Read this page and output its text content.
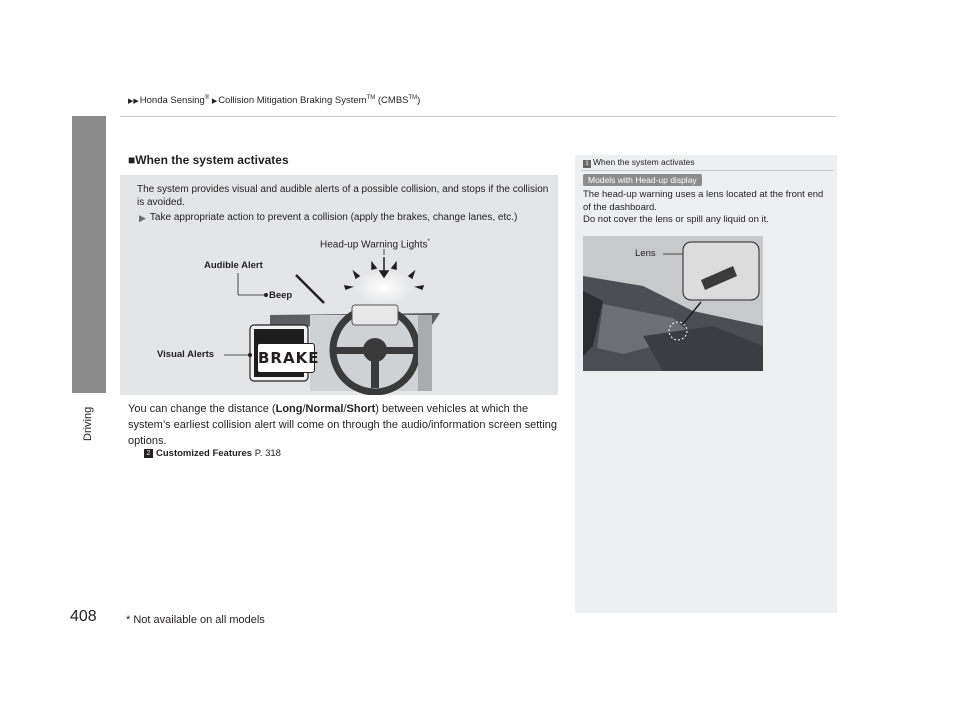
▶▶Honda Sensing® ▶Collision Mitigation Braking System™ (CMBS™)
Driving
408
■When the system activates
The system provides visual and audible alerts of a possible collision, and stops if the collision is avoided.
▶ Take appropriate action to prevent a collision (apply the brakes, change lanes, etc.)
BRAKE
Head-up Warning Lights*
Audible Alert
Beep
Visual Alerts
You can change the distance (Long/Normal/Short) between vehicles at which the system’s earliest collision alert will come on through the audio/information screen setting options.
2 Customized Features P. 318
1 When the system activates
Models with Head-up display
The head-up warning uses a lens located at the front end of the dashboard.
Do not cover the lens or spill any liquid on it.
Lens
* Not available on all models
